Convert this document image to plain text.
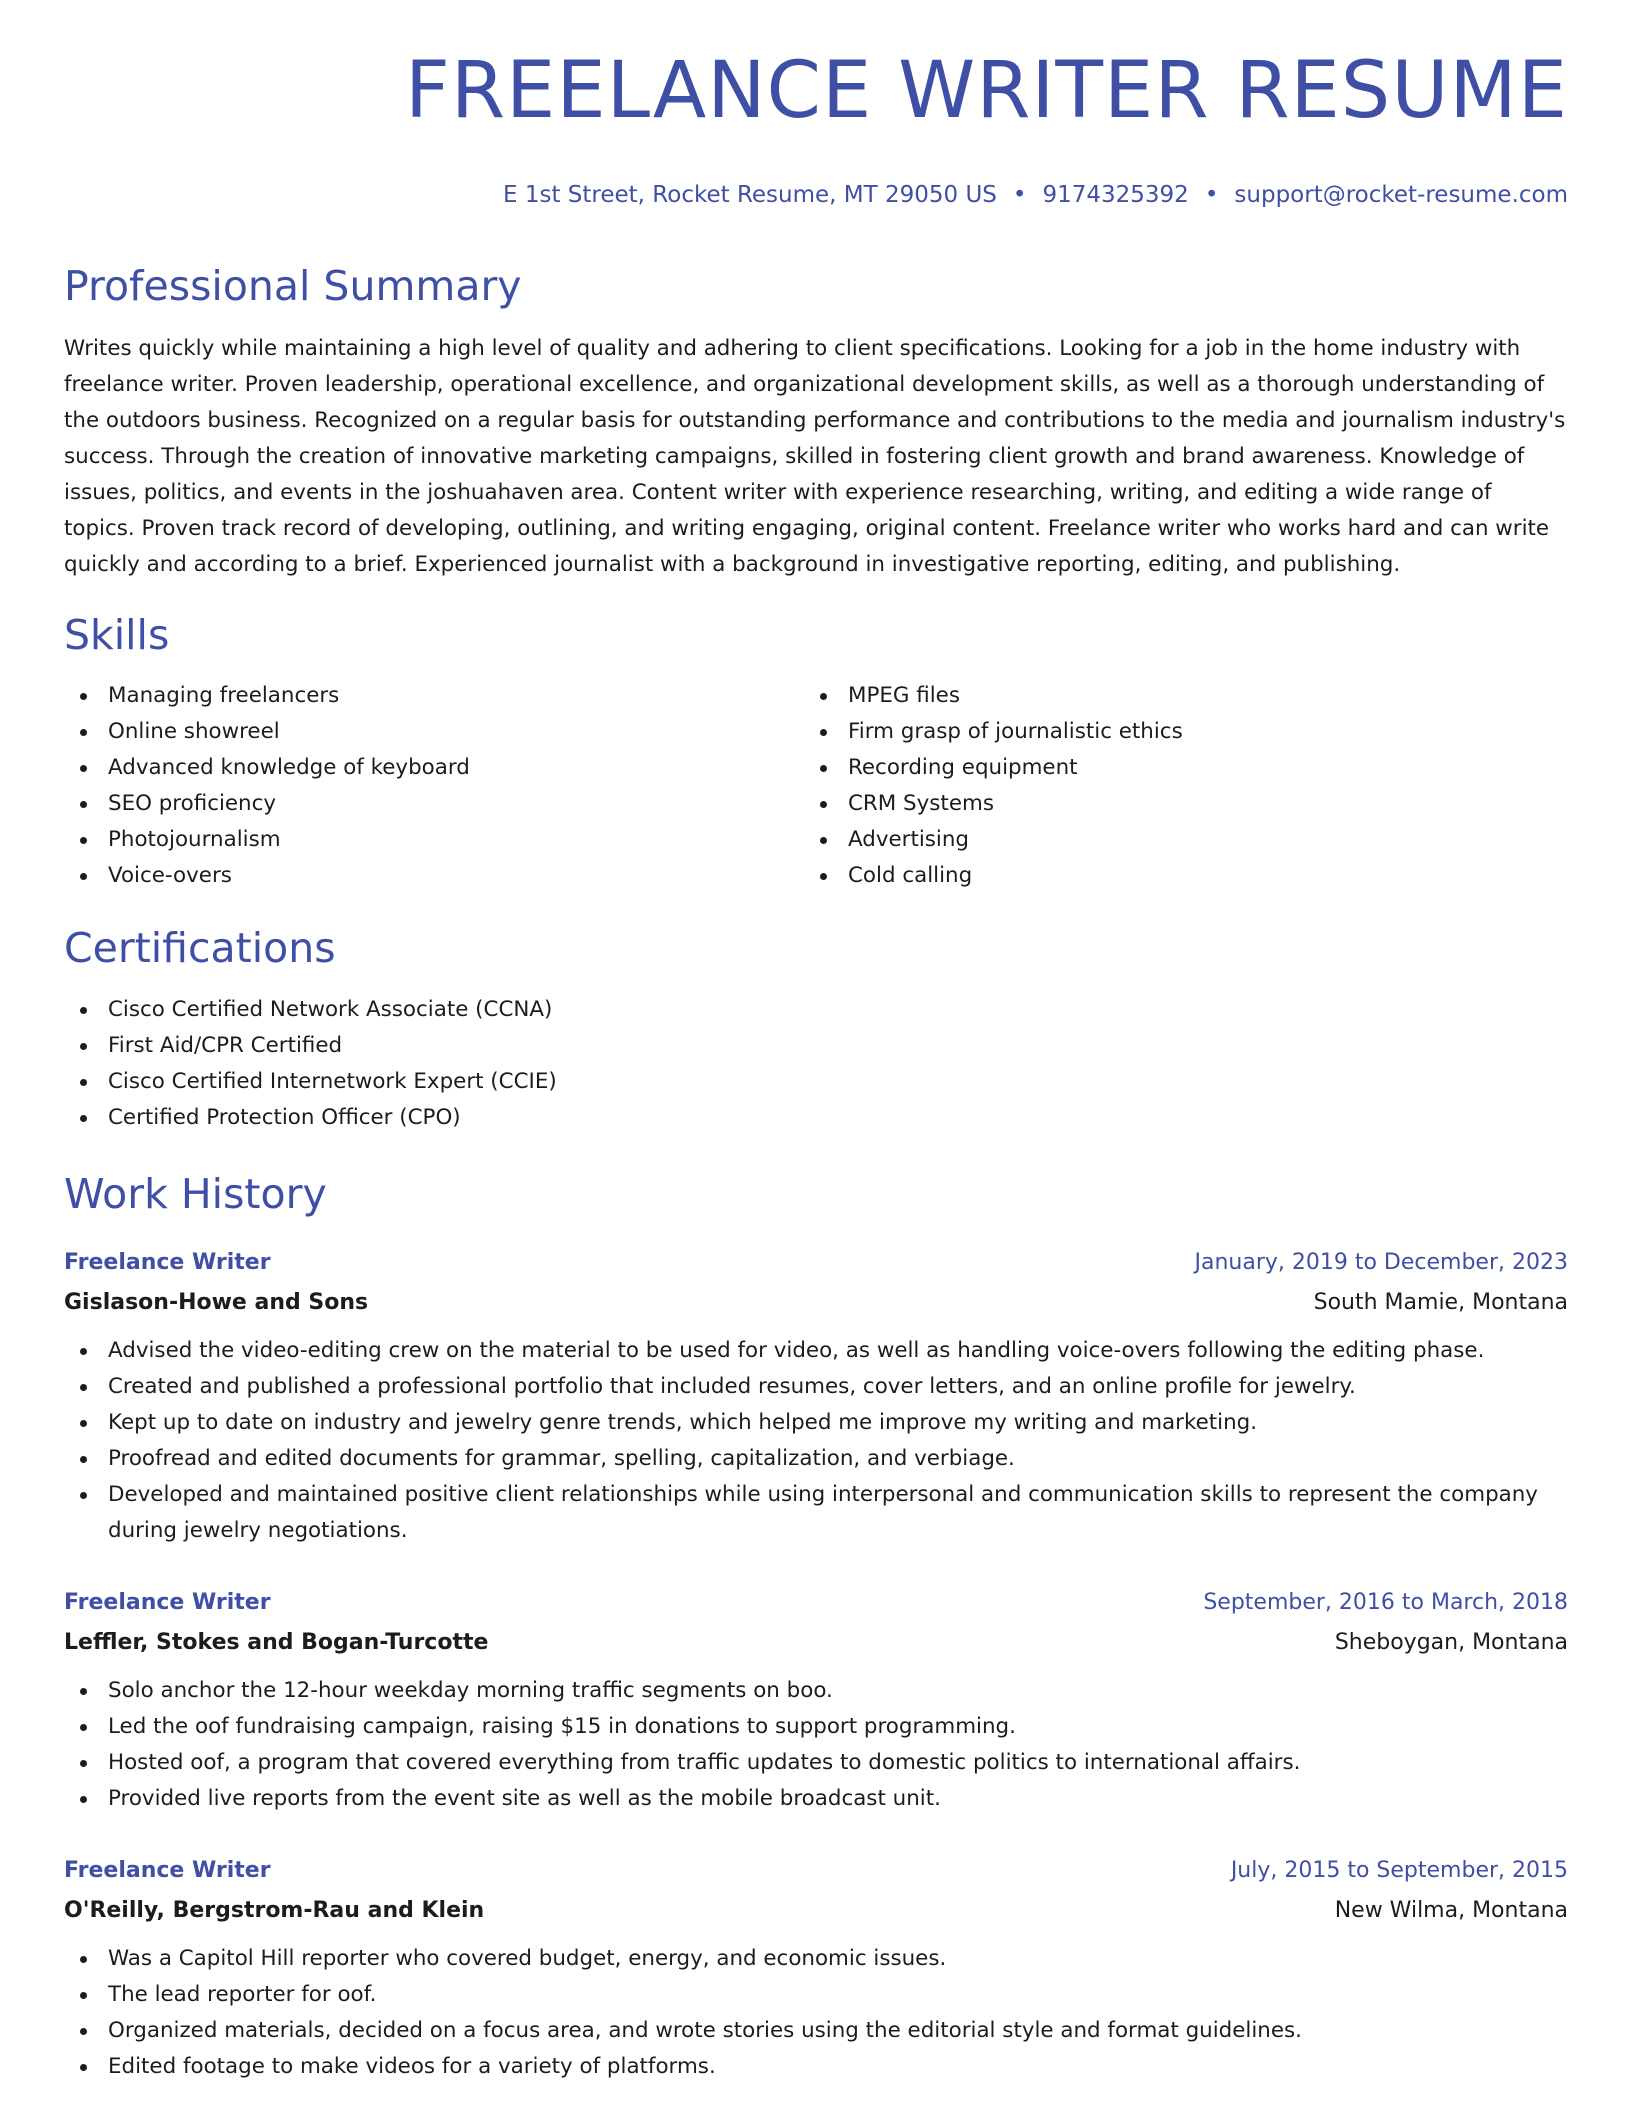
FREELANCE WRITER RESUME
E 1st Street, Rocket Resume, MT 29050 US • 9174325392 • support@rocket-resume.com
Professional Summary

Writes quickly while maintaining a high level of quality and adhering to client specifications. Looking for a job in the home industry with freelance writer. Proven leadership, operational excellence, and organizational development skills, as well as a thorough understanding of the outdoors business. Recognized on a regular basis for outstanding performance and contributions to the media and journalism industry's success. Through the creation of innovative marketing campaigns, skilled in fostering client growth and brand awareness. Knowledge of issues, politics, and events in the joshuahaven area. Content writer with experience researching, writing, and editing a wide range of topics. Proven track record of developing, outlining, and writing engaging, original content. Freelance writer who works hard and can write quickly and according to a brief. Experienced journalist with a background in investigative reporting, editing, and publishing.

Skills
Managing freelancers
Online showreel
Advanced knowledge of keyboard
SEO proficiency
Photojournalism
Voice-overs
MPEG files
Firm grasp of journalistic ethics
Recording equipment
CRM Systems
Advertising
Cold calling
Certifications
Cisco Certified Network Associate (CCNA)
First Aid/CPR Certified
Cisco Certified Internetwork Expert (CCIE)
Certified Protection Officer (CPO)
Work History
Freelance Writer	January, 2019 to December, 2023
Gislason-Howe and Sons	South Mamie, Montana
Advised the video-editing crew on the material to be used for video, as well as handling voice-overs following the editing phase.
Created and published a professional portfolio that included resumes, cover letters, and an online profile for jewelry.
Kept up to date on industry and jewelry genre trends, which helped me improve my writing and marketing.
Proofread and edited documents for grammar, spelling, capitalization, and verbiage.
Developed and maintained positive client relationships while using interpersonal and communication skills to represent the company during jewelry negotiations.
Freelance Writer	September, 2016 to March, 2018
Leffler, Stokes and Bogan-Turcotte	Sheboygan, Montana
Solo anchor the 12-hour weekday morning traffic segments on boo.
Led the oof fundraising campaign, raising $15 in donations to support programming.
Hosted oof, a program that covered everything from traffic updates to domestic politics to international affairs.
Provided live reports from the event site as well as the mobile broadcast unit.
Freelance Writer	July, 2015 to September, 2015
O'Reilly, Bergstrom-Rau and Klein	New Wilma, Montana
Was a Capitol Hill reporter who covered budget, energy, and economic issues.
The lead reporter for oof.
Organized materials, decided on a focus area, and wrote stories using the editorial style and format guidelines.
Edited footage to make videos for a variety of platforms.
